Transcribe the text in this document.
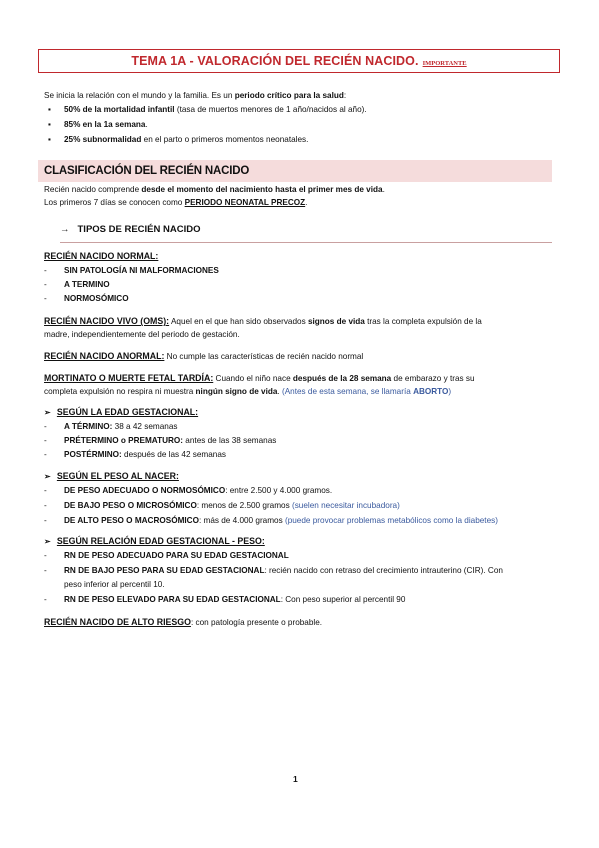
TEMA 1A - VALORACIÓN DEL RECIÉN NACIDO. IMPORTANTE
Se inicia la relación con el mundo y la familia. Es un periodo crítico para la salud:
▪ 50% de la mortalidad infantil (tasa de muertos menores de 1 año/nacidos al año).
▪ 85% en la 1a semana.
▪ 25% subnormalidad en el parto o primeros momentos neonatales.
CLASIFICACIÓN DEL RECIÉN NACIDO
Recién nacido comprende desde el momento del nacimiento hasta el primer mes de vida.
Los primeros 7 días se conocen como PERIODO NEONATAL PRECOZ.
→ TIPOS DE RECIÉN NACIDO
RECIÉN NACIDO NORMAL:
- SIN PATOLOGÍA NI MALFORMACIONES
- A TERMINO
- NORMOSÓMICO
RECIÉN NACIDO VIVO (OMS): Aquel en el que han sido observados signos de vida tras la completa expulsión de la
madre, independientemente del periodo de gestación.
RECIÉN NACIDO ANORMAL: No cumple las características de recién nacido normal
MORTINATO O MUERTE FETAL TARDÍA: Cuando el niño nace después de la 28 semana de embarazo y tras su
completa expulsión no respira ni muestra ningún signo de vida. (Antes de esta semana, se llamaría ABORTO)
➢ SEGÚN LA EDAD GESTACIONAL:
- A TÉRMINO: 38 a 42 semanas
- PRÉTERMINO o PREMATURO: antes de las 38 semanas
- POSTÉRMINO: después de las 42 semanas
➢ SEGÚN EL PESO AL NACER:
- DE PESO ADECUADO O NORMOSÓMICO: entre 2.500 y 4.000 gramos.
- DE BAJO PESO O MICROSÓMICO: menos de 2.500 gramos (suelen necesitar incubadora)
- DE ALTO PESO O MACROSÓMICO: más de 4.000 gramos (puede provocar problemas metabólicos como la diabetes)
➢ SEGÚN RELACIÓN EDAD GESTACIONAL - PESO:
- RN DE PESO ADECUADO PARA SU EDAD GESTACIONAL
- RN DE BAJO PESO PARA SU EDAD GESTACIONAL: recién nacido con retraso del crecimiento intrauterino (CIR). Con
peso inferior al percentil 10.
- RN DE PESO ELEVADO PARA SU EDAD GESTACIONAL: Con peso superior al percentil 90
RECIÉN NACIDO DE ALTO RIESGO: con patología presente o probable.
1
